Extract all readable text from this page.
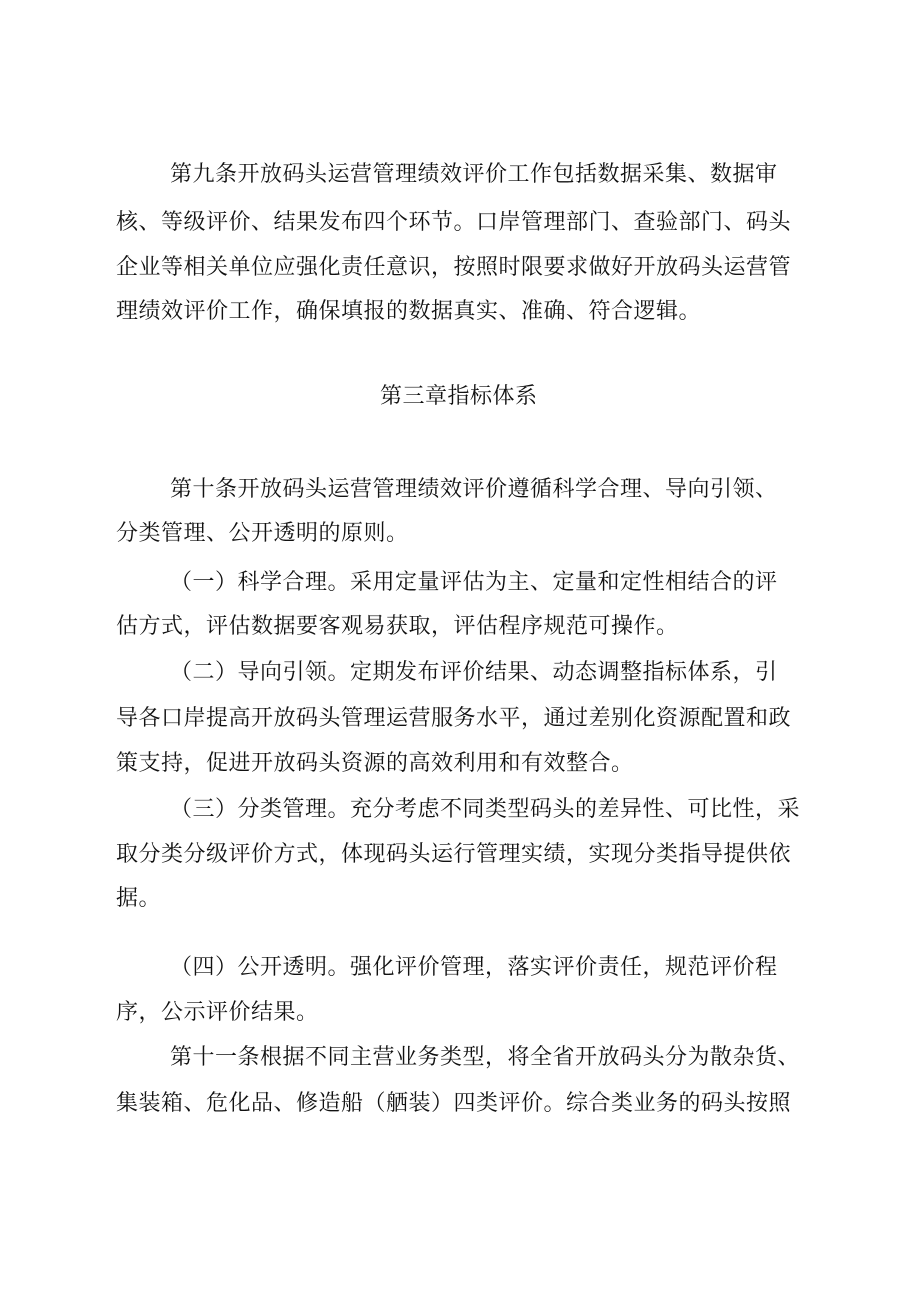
第九条开放码头运营管理绩效评价工作包括数据采集、数据审
核、等级评价、结果发布四个环节。口岸管理部门、查验部门、码头
企业等相关单位应强化责任意识，按照时限要求做好开放码头运营管
理绩效评价工作，确保填报的数据真实、准确、符合逻辑。
第三章指标体系
第十条开放码头运营管理绩效评价遵循科学合理、导向引领、
分类管理、公开透明的原则。
（一）科学合理。采用定量评估为主、定量和定性相结合的评
估方式，评估数据要客观易获取，评估程序规范可操作。
（二）导向引领。定期发布评价结果、动态调整指标体系，引
导各口岸提高开放码头管理运营服务水平，通过差别化资源配置和政
策支持，促进开放码头资源的高效利用和有效整合。
（三）分类管理。充分考虑不同类型码头的差异性、可比性，采
取分类分级评价方式，体现码头运行管理实绩，实现分类指导提供依
据。
（四）公开透明。强化评价管理，落实评价责任，规范评价程
序，公示评价结果。
第十一条根据不同主营业务类型，将全省开放码头分为散杂货、
集装箱、危化品、修造船（舾装）四类评价。综合类业务的码头按照
